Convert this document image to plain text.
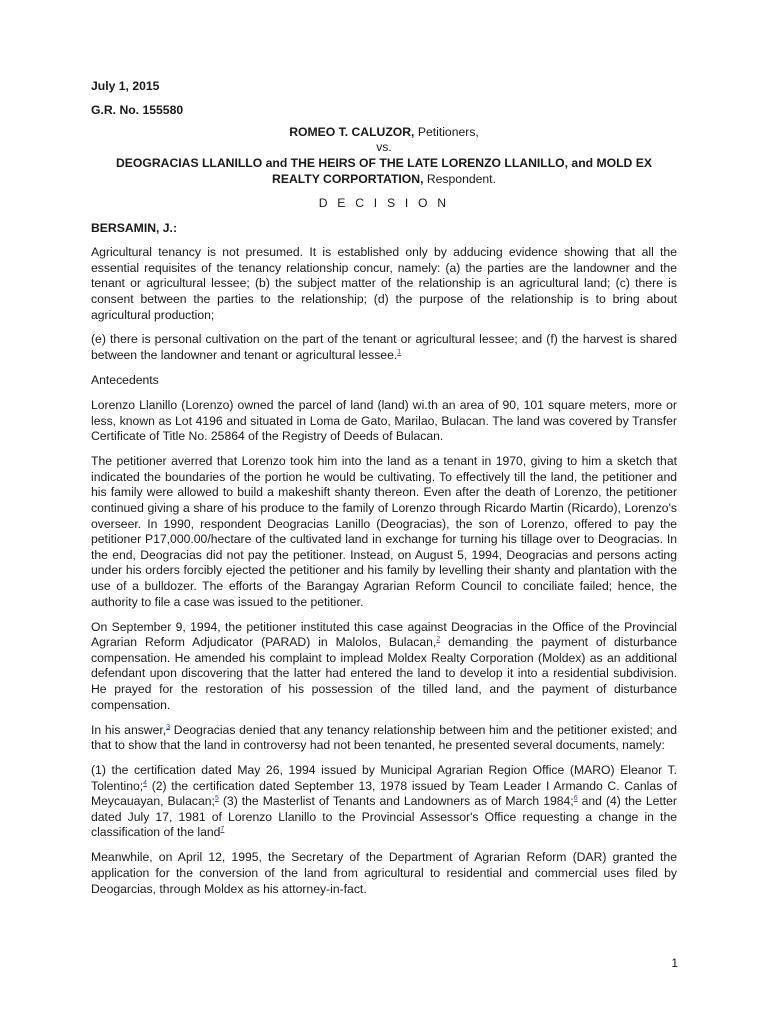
July 1, 2015

G.R. No. 155580

ROMEO T. CALUZOR, Petitioners,

vs.

DEOGRACIAS LLANILLO and THE HEIRS OF THE LATE LORENZO LLANILLO, and MOLD EX REALTY CORPORTATION, Respondent.

D E C I S I O N

BERSAMIN, J.:

Agricultural tenancy is not presumed. It is established only by adducing evidence showing that all the essential requisites of the tenancy relationship concur, namely: (a) the parties are the landowner and the tenant or agricultural lessee; (b) the subject matter of the relationship is an agricultural land; (c) there is consent between the parties to the relationship; (d) the purpose of the relationship is to bring about agricultural production;

(e) there is personal cultivation on the part of the tenant or agricultural lessee; and (f) the harvest is shared between the landowner and tenant or agricultural lessee.$^1$

Antecedents

Lorenzo Llanillo (Lorenzo) owned the parcel of land (land) wi.th an area of 90, 101 square meters, more or less, known as Lot 4196 and situated in Loma de Gato, Marilao, Bulacan. The land was covered by Transfer Certificate of Title No. 25864 of the Registry of Deeds of Bulacan.

The petitioner averred that Lorenzo took him into the land as a tenant in 1970, giving to him a sketch that indicated the boundaries of the portion he would be cultivating. To effectively till the land, the petitioner and his family were allowed to build a makeshift shanty thereon. Even after the death of Lorenzo, the petitioner continued giving a share of his produce to the family of Lorenzo through Ricardo Martin (Ricardo), Lorenzo's overseer. In 1990, respondent Deogracias Lanillo (Deogracias), the son of Lorenzo, offered to pay the petitioner P17,000.00/hectare of the cultivated land in exchange for turning his tillage over to Deogracias. In the end, Deogracias did not pay the petitioner. Instead, on August 5, 1994, Deogracias and persons acting under his orders forcibly ejected the petitioner and his family by levelling their shanty and plantation with the use of a bulldozer. The efforts of the Barangay Agrarian Reform Council to conciliate failed; hence, the authority to file a case was issued to the petitioner.

On September 9, 1994, the petitioner instituted this case against Deogracias in the Office of the Provincial Agrarian Reform Adjudicator (PARAD) in Malolos, Bulacan,$^2$ demanding the payment of disturbance compensation. He amended his complaint to implead Moldex Realty Corporation (Moldex) as an additional defendant upon discovering that the latter had entered the land to develop it into a residential subdivision. He prayed for the restoration of his possession of the tilled land, and the payment of disturbance compensation.

In his answer,$^3$ Deogracias denied that any tenancy relationship between him and the petitioner existed; and that to show that the land in controversy had not been tenanted, he presented several documents, namely:

(1) the certification dated May 26, 1994 issued by Municipal Agrarian Region Office (MARO) Eleanor T. Tolentino;$^4$ (2) the certification dated September 13, 1978 issued by Team Leader I Armando C. Canlas of Meycauayan, Bulacan;$^5$ (3) the Masterlist of Tenants and Landowners as of March 1984;$^6$ and (4) the Letter dated July 17, 1981 of Lorenzo Llanillo to the Provincial Assessor's Office requesting a change in the classification of the land$^7$

Meanwhile, on April 12, 1995, the Secretary of the Department of Agrarian Reform (DAR) granted the application for the conversion of the land from agricultural to residential and commercial uses filed by Deogarcias, through Moldex as his attorney-in-fact.

1
